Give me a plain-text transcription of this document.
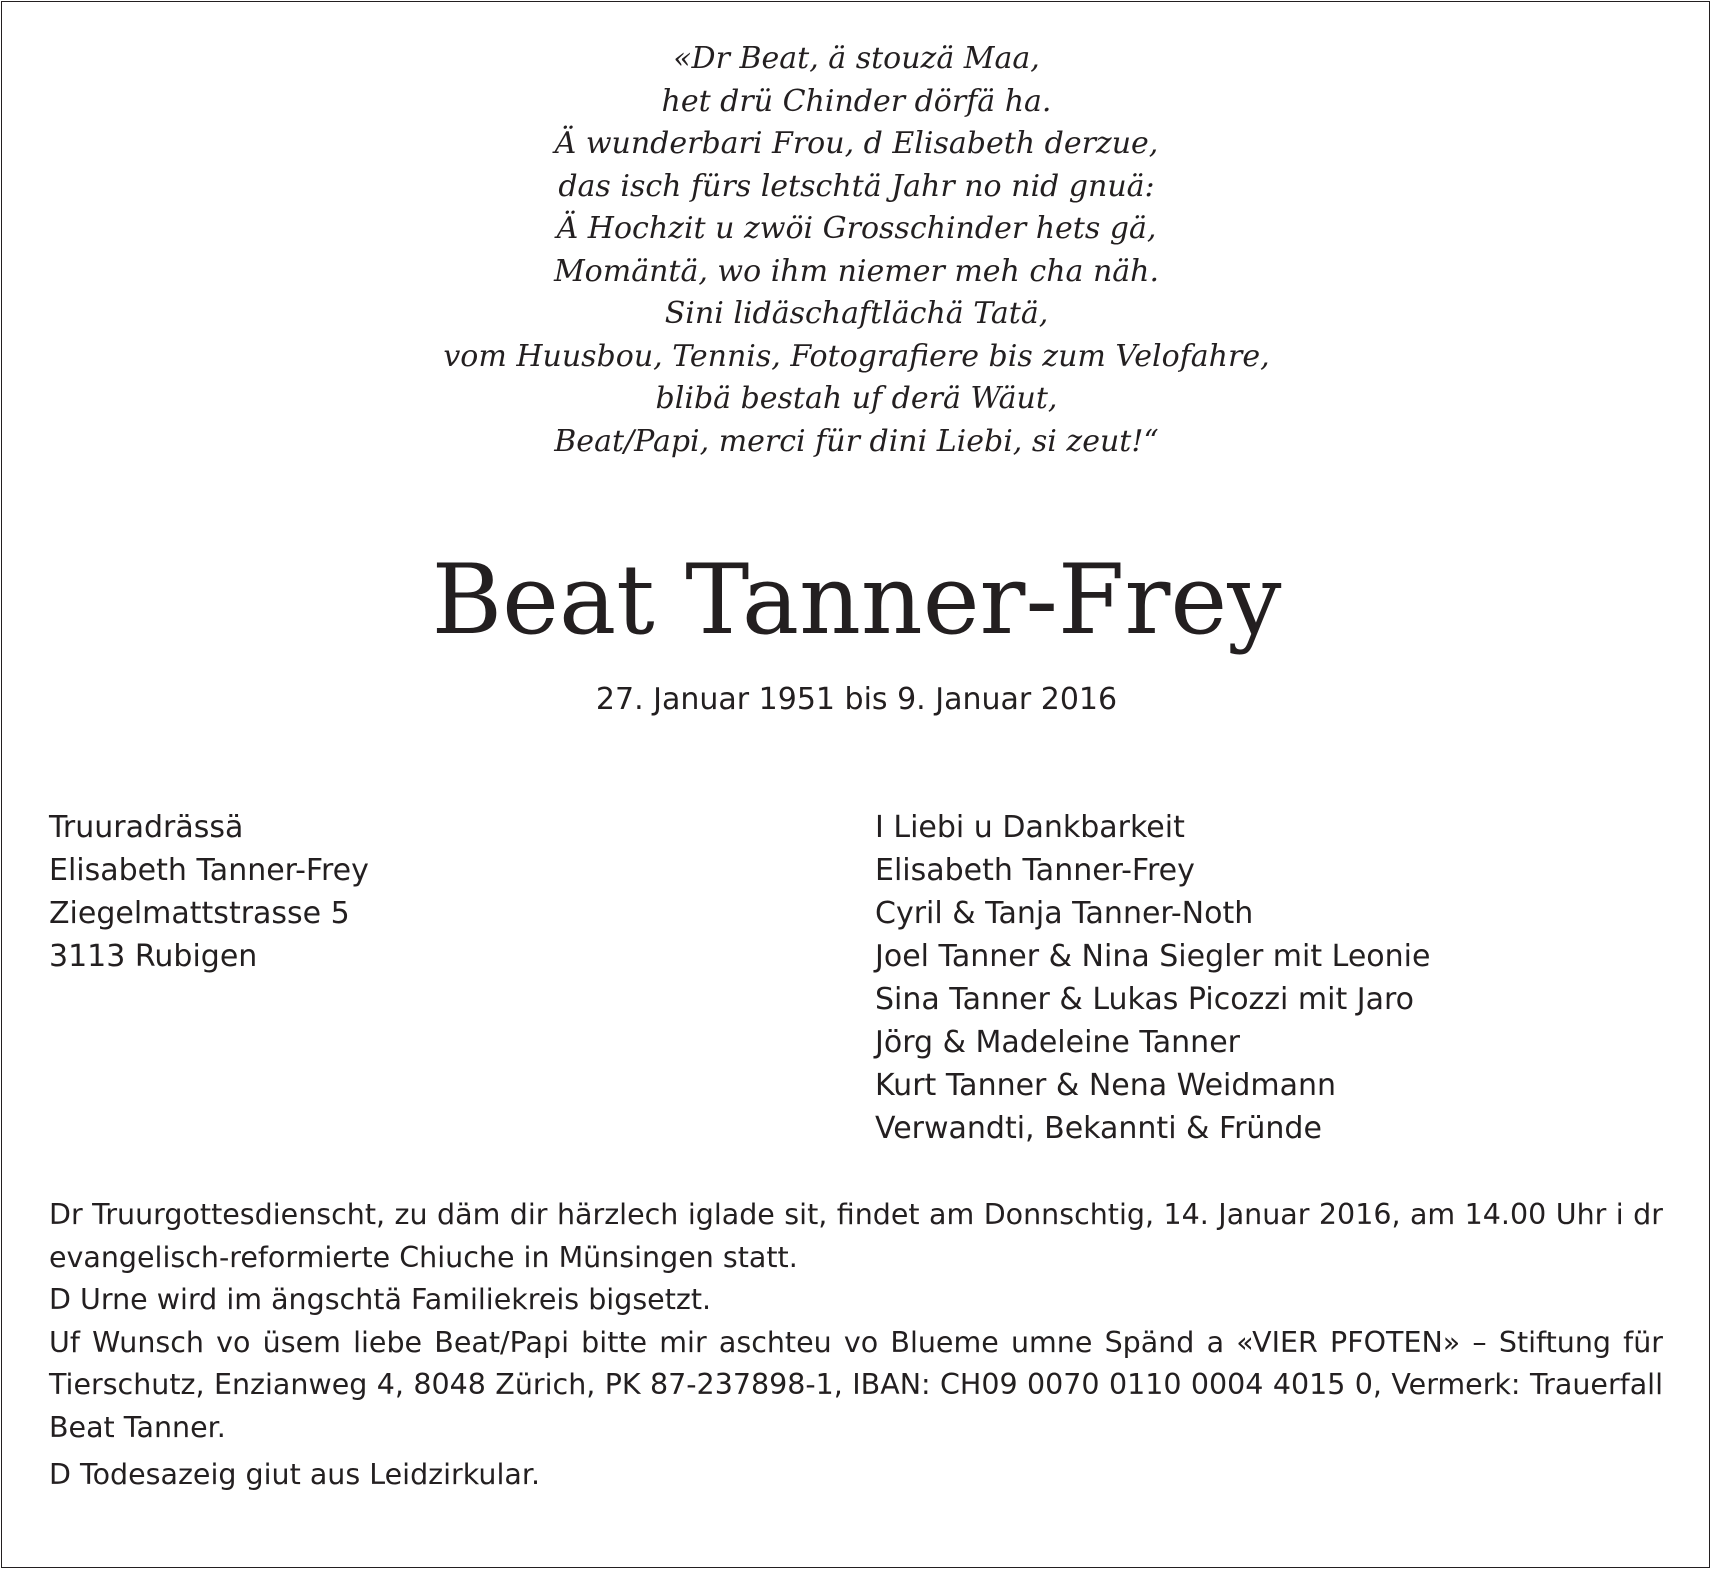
«Dr Beat, ä stouzä Maa,
het drü Chinder dörfä ha.
Ä wunderbari Frou, d Elisabeth derzue,
das isch fürs letschtä Jahr no nid gnuä:
Ä Hochzit u zwöi Grosschinder hets gä,
Momäntä, wo ihm niemer meh cha näh.
Sini lidäschaftlächä Tatä,
vom Huusbou, Tennis, Fotografiere bis zum Velofahre,
blibä bestah uf derä Wäut,
Beat/Papi, merci für dini Liebi, si zeut!“
Beat Tanner-Frey
27. Januar 1951 bis 9. Januar 2016
Truuradrässä
Elisabeth Tanner-Frey
Ziegelmattstrasse 5
3113 Rubigen
I Liebi u Dankbarkeit
Elisabeth Tanner-Frey
Cyril & Tanja Tanner-Noth
Joel Tanner & Nina Siegler mit Leonie
Sina Tanner & Lukas Picozzi mit Jaro
Jörg & Madeleine Tanner
Kurt Tanner & Nena Weidmann
Verwandti, Bekannti & Fründe
Dr Truurgottesdienscht, zu däm dir härzlech iglade sit, findet am Donnschtig, 14. Januar 2016, am 14.00 Uhr i dr evangelisch-reformierte Chiuche in Münsingen statt.
D Urne wird im ängschtä Familiekreis bigsetzt.
Uf Wunsch vo üsem liebe Beat/Papi bitte mir aschteu vo Blueme umne Spänd a «VIER PFOTEN» – Stiftung für Tierschutz, Enzianweg 4, 8048 Zürich, PK 87-237898-1, IBAN: CH09 0070 0110 0004 4015 0, Vermerk: Trauerfall Beat Tanner.
D Todesazeig giut aus Leidzirkular.
